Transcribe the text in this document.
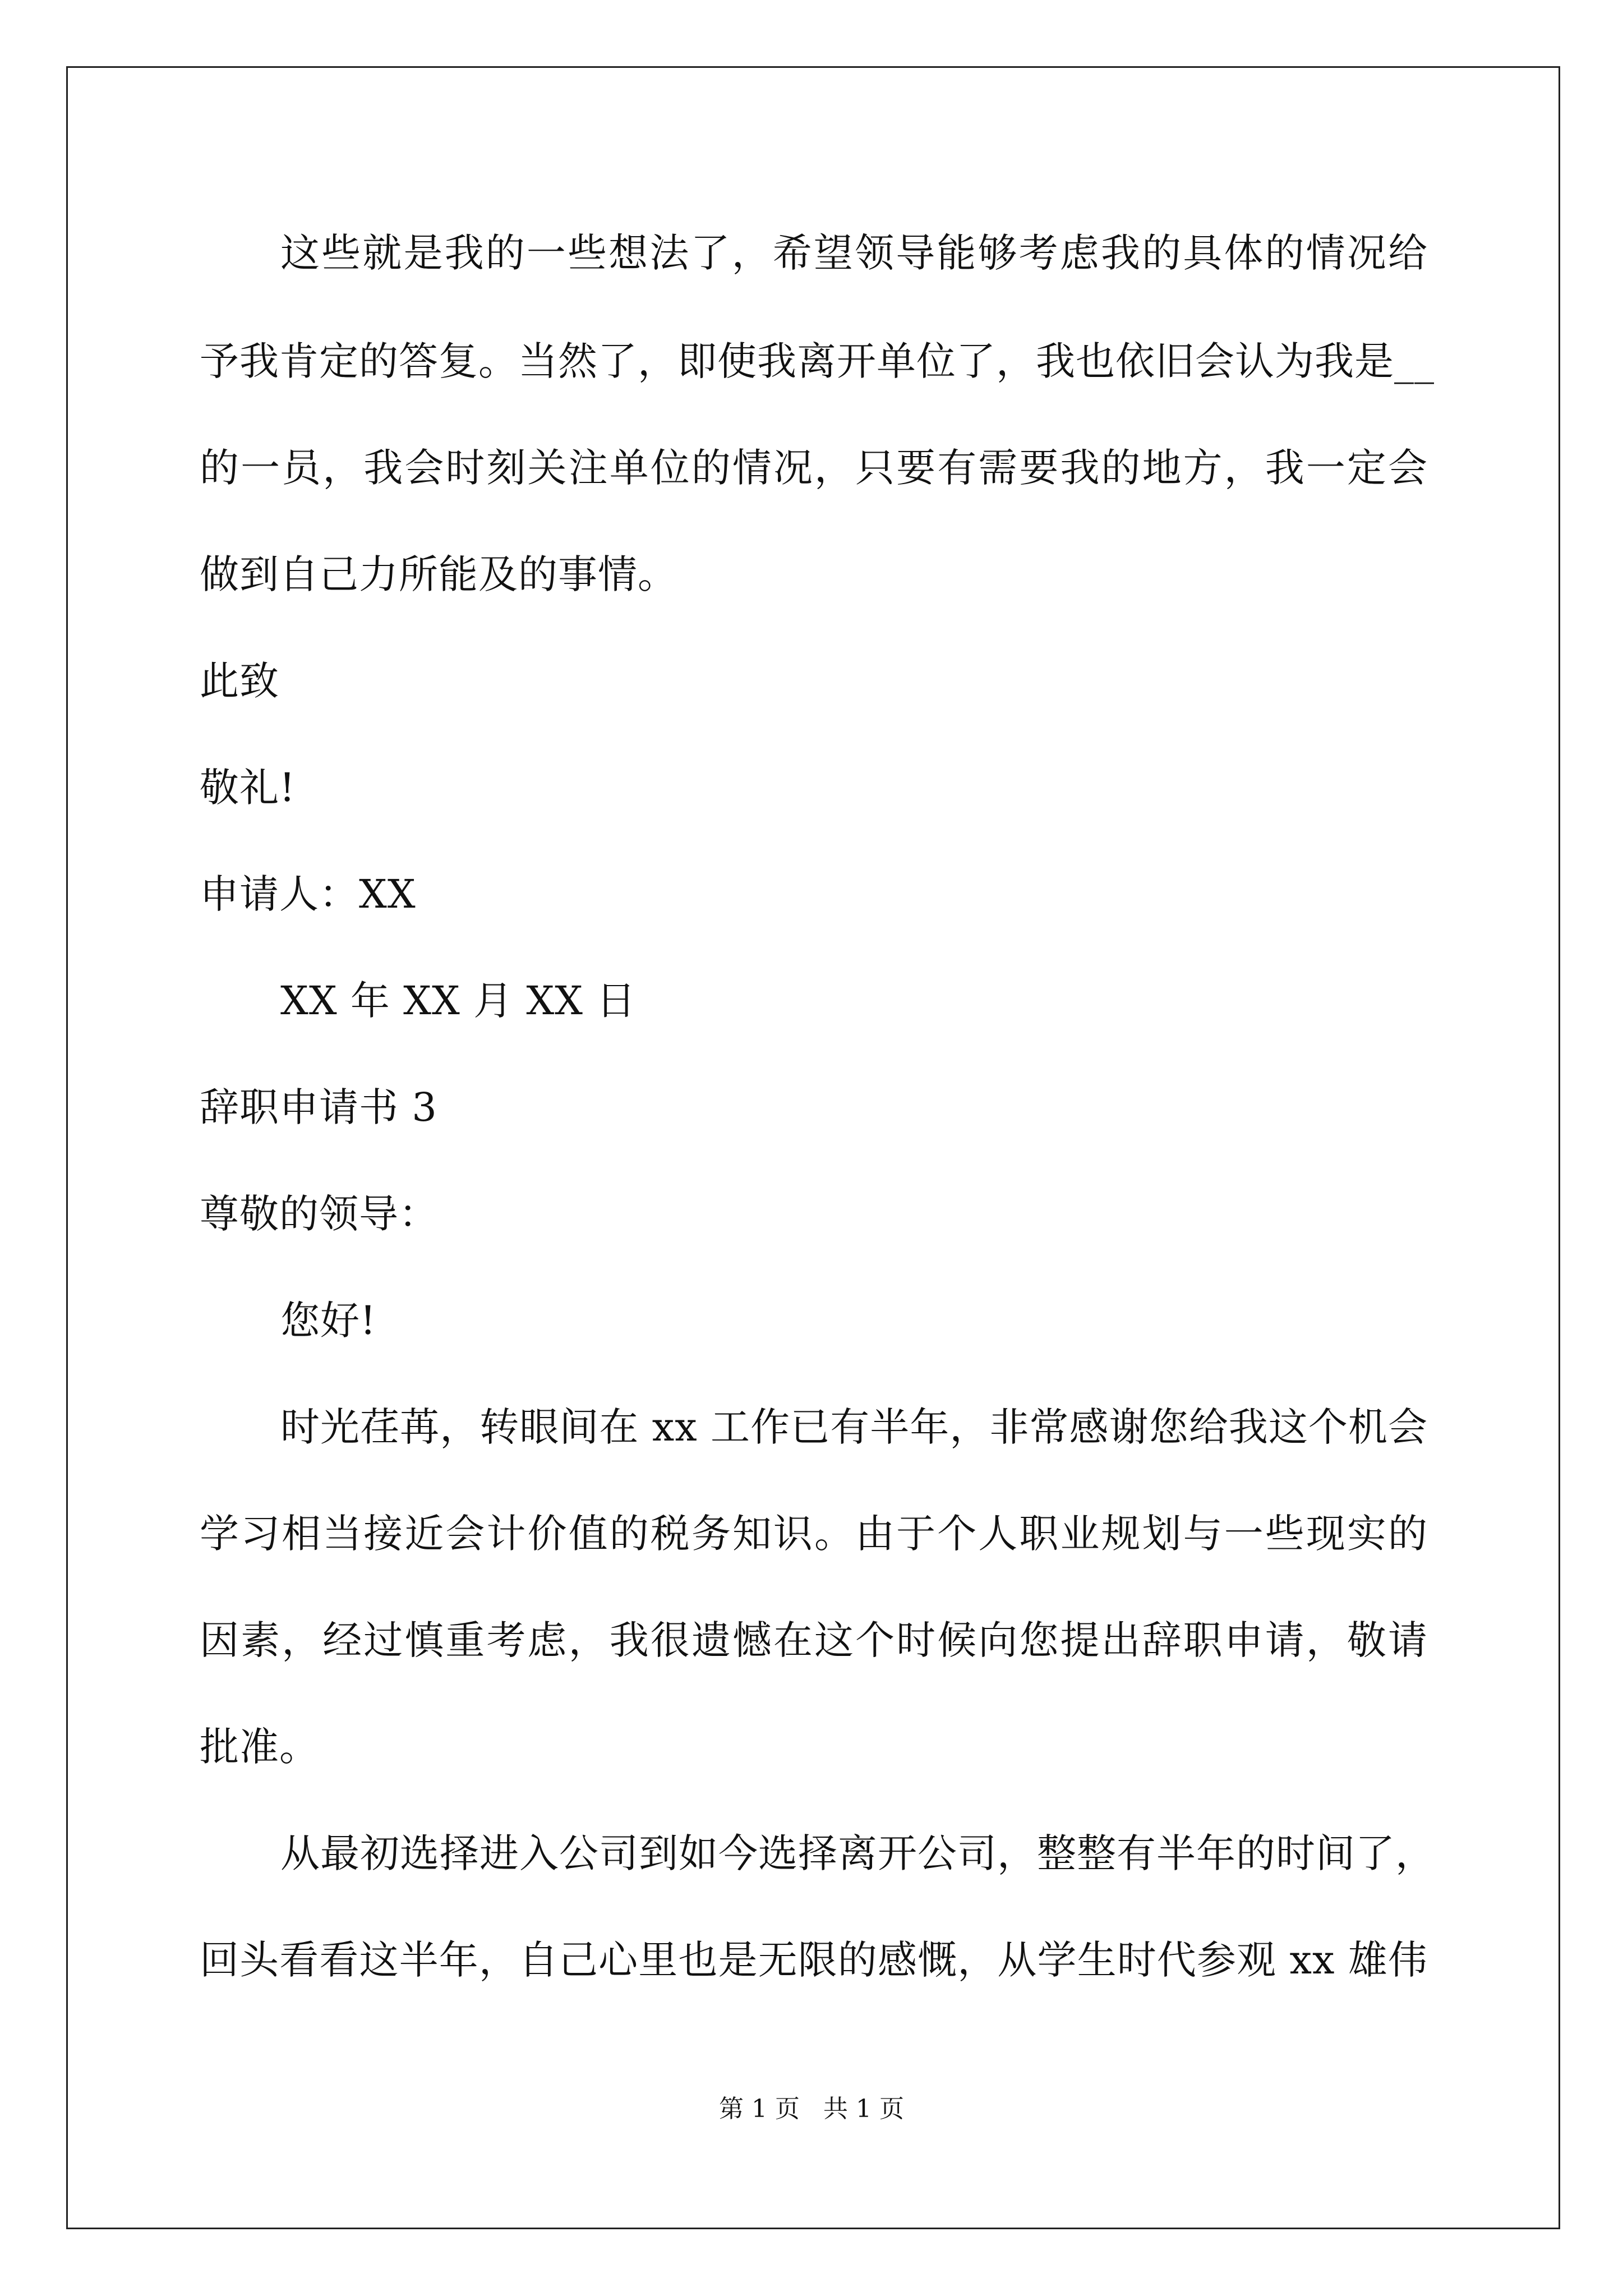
这些就是我的一些想法了，希望领导能够考虑我的具体的情况给
予我肯定的答复。当然了，即使我离开单位了，我也依旧会认为我是__
的一员，我会时刻关注单位的情况，只要有需要我的地方，我一定会
做到自己力所能及的事情。
此致
敬礼!
申请人：XX
XX 年 XX 月 XX 日
辞职申请书 3
尊敬的领导：
您好!
时光荏苒，转眼间在 xx 工作已有半年，非常感谢您给我这个机会
学习相当接近会计价值的税务知识。由于个人职业规划与一些现实的
因素，经过慎重考虑，我很遗憾在这个时候向您提出辞职申请，敬请
批准。
从最初选择进入公司到如今选择离开公司，整整有半年的时间了，
回头看看这半年，自己心里也是无限的感慨，从学生时代参观 xx 雄伟
第 1 页   共 1 页
